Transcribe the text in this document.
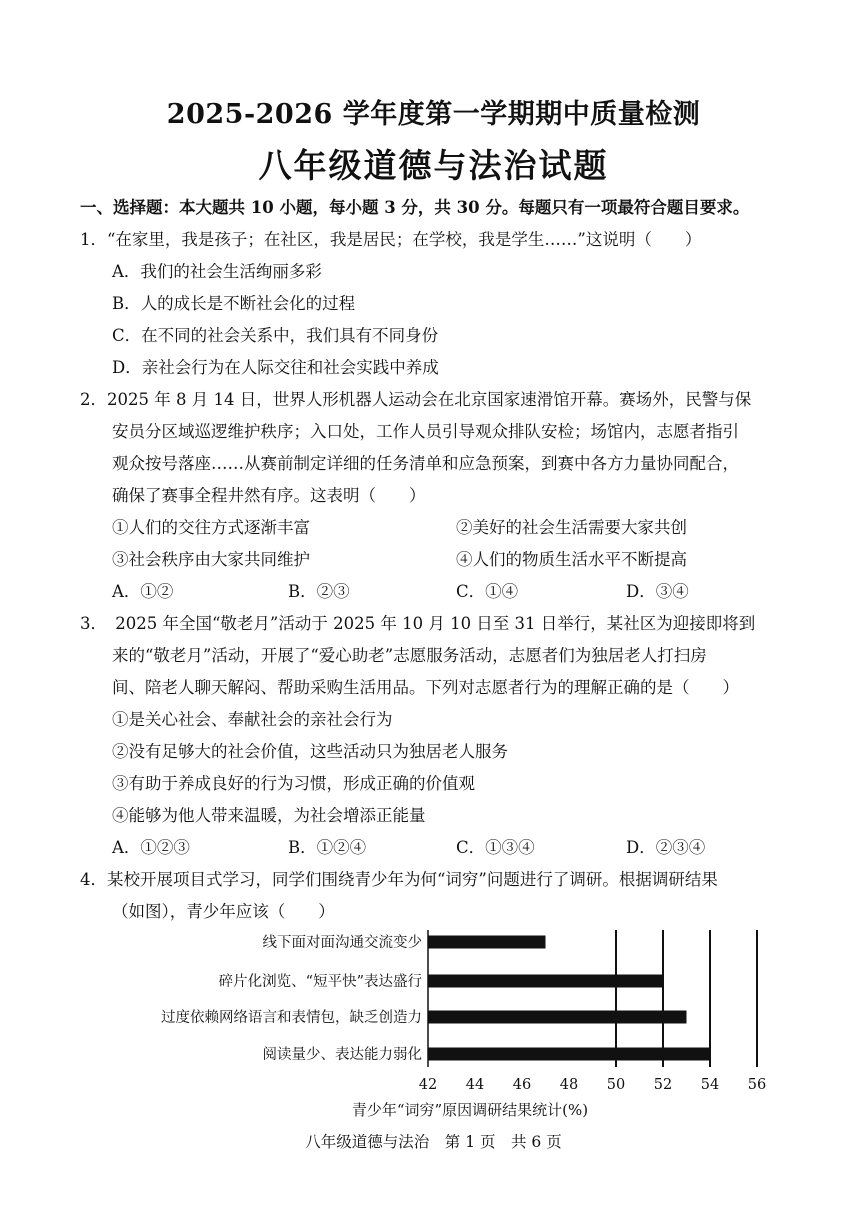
2025-2026 学年度第一学期期中质量检测
八年级道德与法治试题
一、选择题：本大题共 10 小题，每小题 3 分，共 30 分。每题只有一项最符合题目要求。
1．“在家里，我是孩子；在社区，我是居民；在学校，我是学生……”这说明（　　）
A．我们的社会生活绚丽多彩
B．人的成长是不断社会化的过程
C．在不同的社会关系中，我们具有不同身份
D．亲社会行为在人际交往和社会实践中养成
2．2025 年 8 月 14 日，世界人形机器人运动会在北京国家速滑馆开幕。赛场外，民警与保
安员分区域巡逻维护秩序；入口处，工作人员引导观众排队安检；场馆内，志愿者指引
观众按号落座……从赛前制定详细的任务清单和应急预案，到赛中各方力量协同配合，
确保了赛事全程井然有序。这表明（　　）
①人们的交往方式逐渐丰富	②美好的社会生活需要大家共创
③社会秩序由大家共同维护	④人们的物质生活水平不断提高
A．①②	B．②③	C．①④	D．③④
3．　2025 年全国“敬老月”活动于 2025 年 10 月 10 日至 31 日举行，某社区为迎接即将到
来的“敬老月”活动，开展了“爱心助老”志愿服务活动，志愿者们为独居老人打扫房
间、陪老人聊天解闷、帮助采购生活用品。下列对志愿者行为的理解正确的是（　　）
①是关心社会、奉献社会的亲社会行为
②没有足够大的社会价值，这些活动只为独居老人服务
③有助于养成良好的行为习惯，形成正确的价值观
④能够为他人带来温暖，为社会增添正能量
A．①②③	B．①②④	C．①③④	D．②③④
4．某校开展项目式学习，同学们围绕青少年为何“词穷”问题进行了调研。根据调研结果
（如图），青少年应该（　　）
线下面对面沟通交流变少
碎片化浏览、“短平快”表达盛行
过度依赖网络语言和表情包，缺乏创造力
阅读量少、表达能力弱化
42 44 46 48 50 52 54 56
青少年“词穷”原因调研结果统计(%)
八年级道德与法治　第 1 页　共 6 页
